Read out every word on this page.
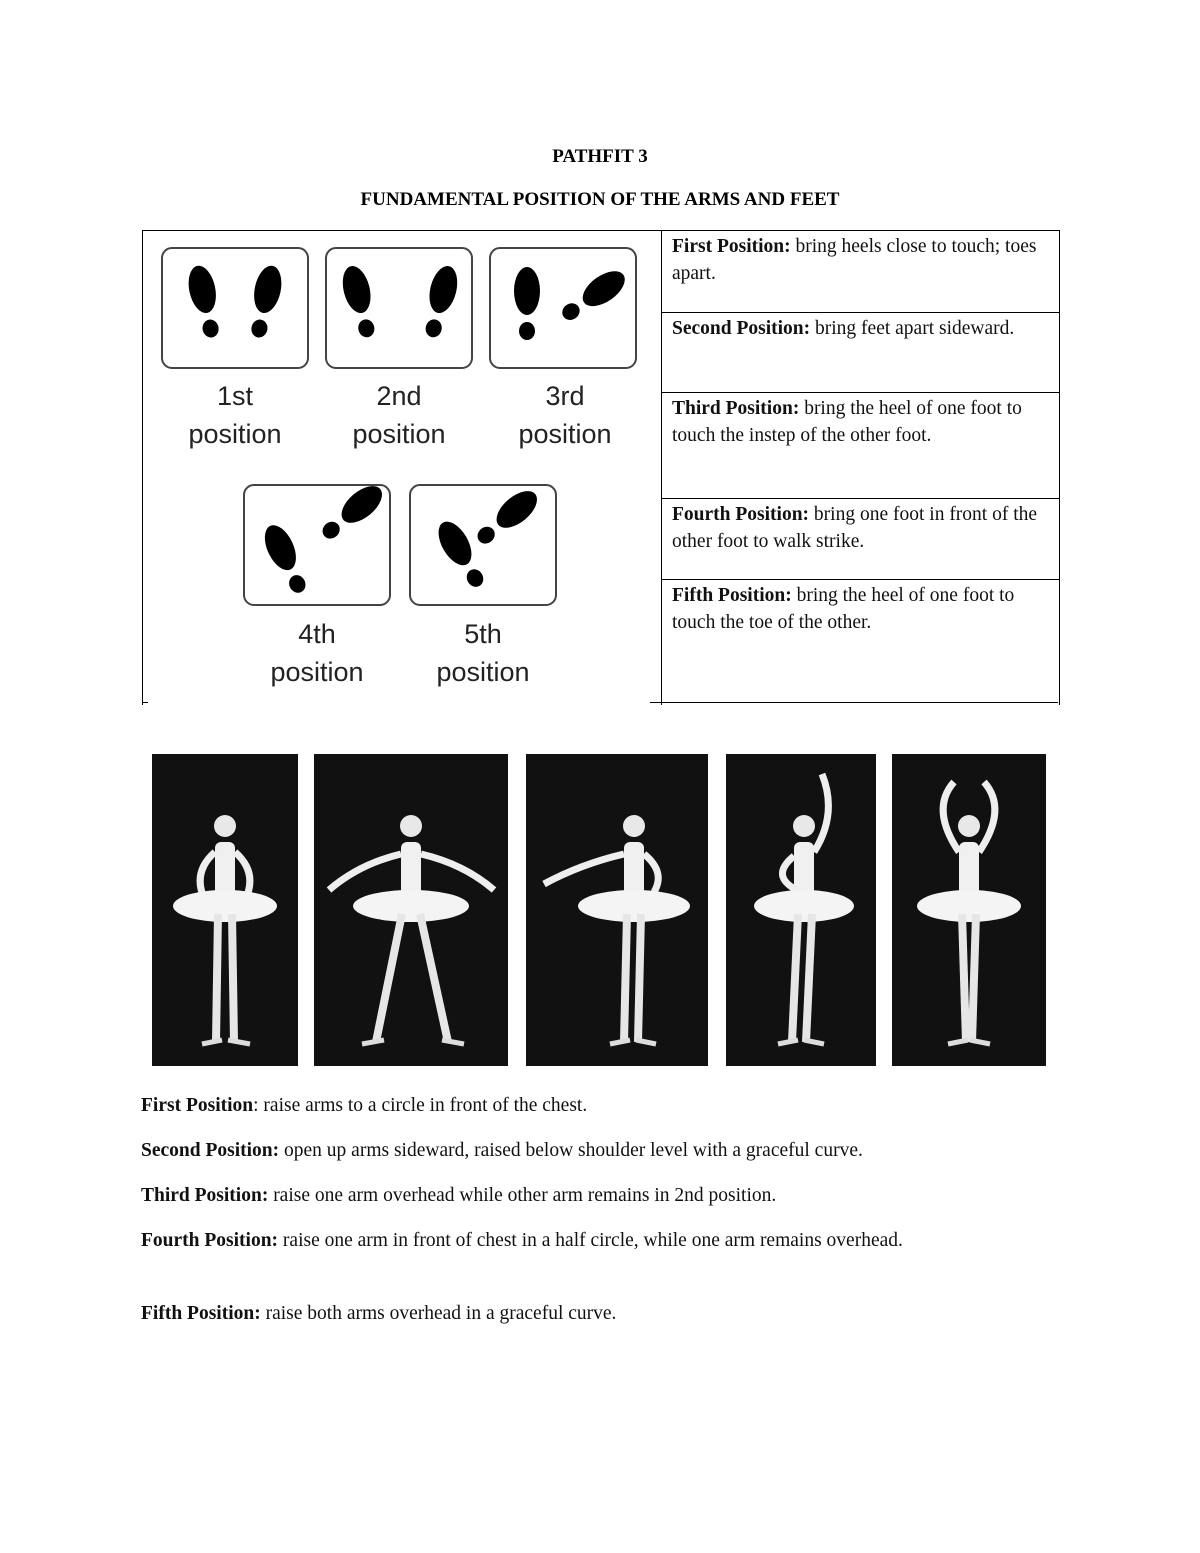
PATHFIT 3
FUNDAMENTAL POSITION OF THE ARMS AND FEET
1st
position
2nd
position
3rd
position
4th
position
5th
position
First Position: bring heels close to touch; toes apart.
Second Position: bring feet apart sideward.
Third Position: bring the heel of one foot to touch the instep of the other foot.
Fourth Position: bring one foot in front of the other foot to walk strike.
Fifth Position: bring the heel of one foot to touch the toe of the other.
First Position: raise arms to a circle in front of the chest.
Second Position: open up arms sideward, raised below shoulder level with a graceful curve.
Third Position: raise one arm overhead while other arm remains in 2nd position.
Fourth Position: raise one arm in front of chest in a half circle, while one arm remains overhead.
Fifth Position: raise both arms overhead in a graceful curve.
